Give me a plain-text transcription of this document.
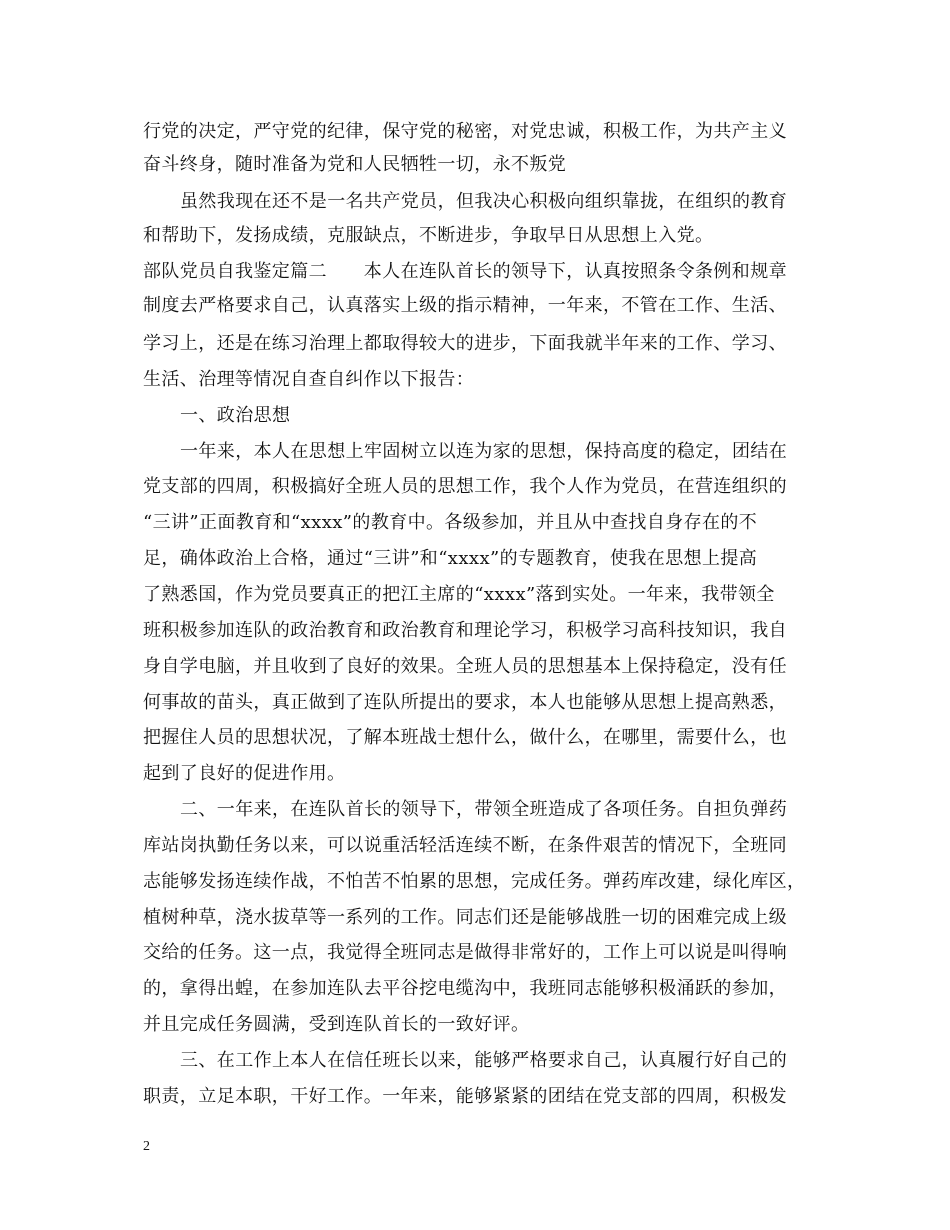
行党的决定，严守党的纪律，保守党的秘密，对党忠诚，积极工作，为共产主义
奋斗终身，随时准备为党和人民牺牲一切，永不叛党
虽然我现在还不是一名共产党员，但我决心积极向组织靠拢，在组织的教育
和帮助下，发扬成绩，克服缺点，不断进步，争取早日从思想上入党。
部队党员自我鉴定篇二　　本人在连队首长的领导下，认真按照条令条例和规章
制度去严格要求自己，认真落实上级的指示精神，一年来，不管在工作、生活、
学习上，还是在练习治理上都取得较大的进步，下面我就半年来的工作、学习、
生活、治理等情况自查自纠作以下报告：
一、政治思想
一年来，本人在思想上牢固树立以连为家的思想，保持高度的稳定，团结在
党支部的四周，积极搞好全班人员的思想工作，我个人作为党员，在营连组织的
“三讲”正面教育和“xxxx”的教育中。各级参加，并且从中查找自身存在的不
足，确体政治上合格，通过“三讲”和“xxxx”的专题教育，使我在思想上提高
了熟悉国，作为党员要真正的把江主席的“xxxx”落到实处。一年来，我带领全
班积极参加连队的政治教育和政治教育和理论学习，积极学习高科技知识，我自
身自学电脑，并且收到了良好的效果。全班人员的思想基本上保持稳定，没有任
何事故的苗头，真正做到了连队所提出的要求，本人也能够从思想上提高熟悉，
把握住人员的思想状况，了解本班战士想什么，做什么，在哪里，需要什么，也
起到了良好的促进作用。
二、一年来，在连队首长的领导下，带领全班造成了各项任务。自担负弹药
库站岗执勤任务以来，可以说重活轻活连续不断，在条件艰苦的情况下，全班同
志能够发扬连续作战，不怕苦不怕累的思想，完成任务。弹药库改建，绿化库区，
植树种草，浇水拔草等一系列的工作。同志们还是能够战胜一切的困难完成上级
交给的任务。这一点，我觉得全班同志是做得非常好的，工作上可以说是叫得响
的，拿得出蝗，在参加连队去平谷挖电缆沟中，我班同志能够积极涌跃的参加，
并且完成任务圆满，受到连队首长的一致好评。
三、在工作上本人在信任班长以来，能够严格要求自己，认真履行好自己的
职责，立足本职，干好工作。一年来，能够紧紧的团结在党支部的四周，积极发
2
